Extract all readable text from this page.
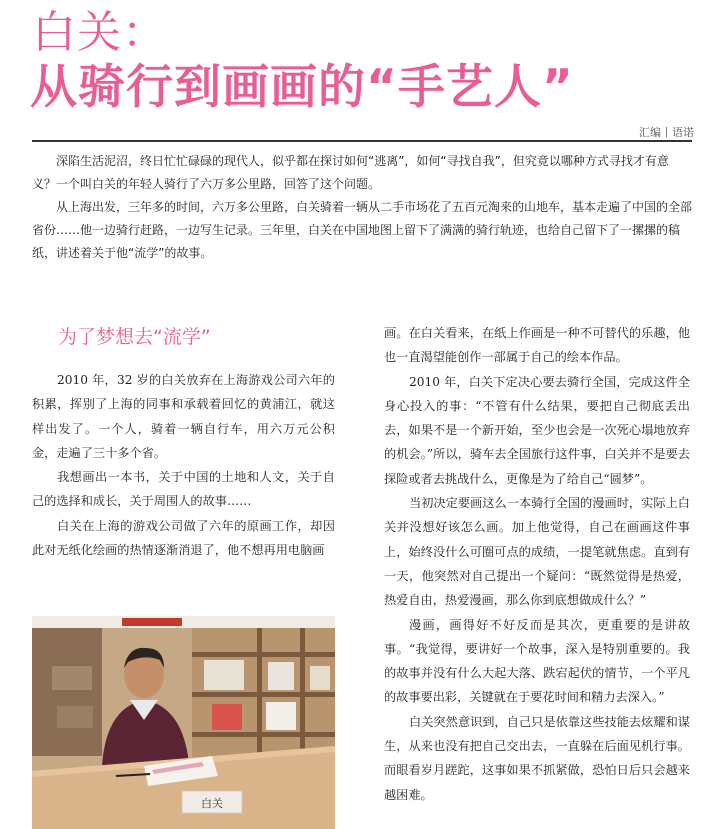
白关：
从骑行到画画的“手艺人”
汇编丨语诺

深陷生活泥沼，终日忙忙碌碌的现代人，似乎都在探讨如何“逃离”，如何“寻找自我”，但究竟以哪种方式寻找才有意义？一个叫白关的年轻人骑行了六万多公里路，回答了这个问题。

从上海出发，三年多的时间，六万多公里路，白关骑着一辆从二手市场花了五百元淘来的山地车，基本走遍了中国的全部省份……他一边骑行赶路，一边写生记录。三年里，白关在中国地图上留下了满满的骑行轨迹，也给自己留下了一摞摞的稿纸，讲述着关于他“流学”的故事。

为了梦想去“流学”

2010 年，32 岁的白关放弃在上海游戏公司六年的积累，挥别了上海的同事和承载着回忆的黄浦江，就这样出发了。一个人，骑着一辆自行车，用六万元公积金，走遍了三十多个省。

我想画出一本书，关于中国的土地和人文，关于自己的选择和成长，关于周围人的故事……

白关在上海的游戏公司做了六年的原画工作，却因此对无纸化绘画的热情逐渐消退了，他不想再用电脑画

白关

画。在白关看来，在纸上作画是一种不可替代的乐趣，他也一直渴望能创作一部属于自己的绘本作品。

2010 年，白关下定决心要去骑行全国，完成这件全身心投入的事：“不管有什么结果，要把自己彻底丢出去，如果不是一个新开始，至少也会是一次死心塌地放弃的机会。”所以，骑车去全国旅行这件事，白关并不是要去探险或者去挑战什么，更像是为了给自己“圆梦”。

当初决定要画这么一本骑行全国的漫画时，实际上白关并没想好该怎么画。加上他觉得，自己在画画这件事上，始终没什么可圈可点的成绩，一提笔就焦虑。直到有一天，他突然对自己提出一个疑问：“既然觉得是热爱，热爱自由，热爱漫画，那么你到底想做成什么？”

漫画，画得好不好反而是其次，更重要的是讲故事。“我觉得，要讲好一个故事，深入是特别重要的。我的故事并没有什么大起大落、跌宕起伏的情节，一个平凡的故事要出彩，关键就在于要花时间和精力去深入。”

白关突然意识到，自己只是依靠这些技能去炫耀和谋生，从来也没有把自己交出去，一直躲在后面见机行事。而眼看岁月蹉跎，这事如果不抓紧做，恐怕日后只会越来越困难。
